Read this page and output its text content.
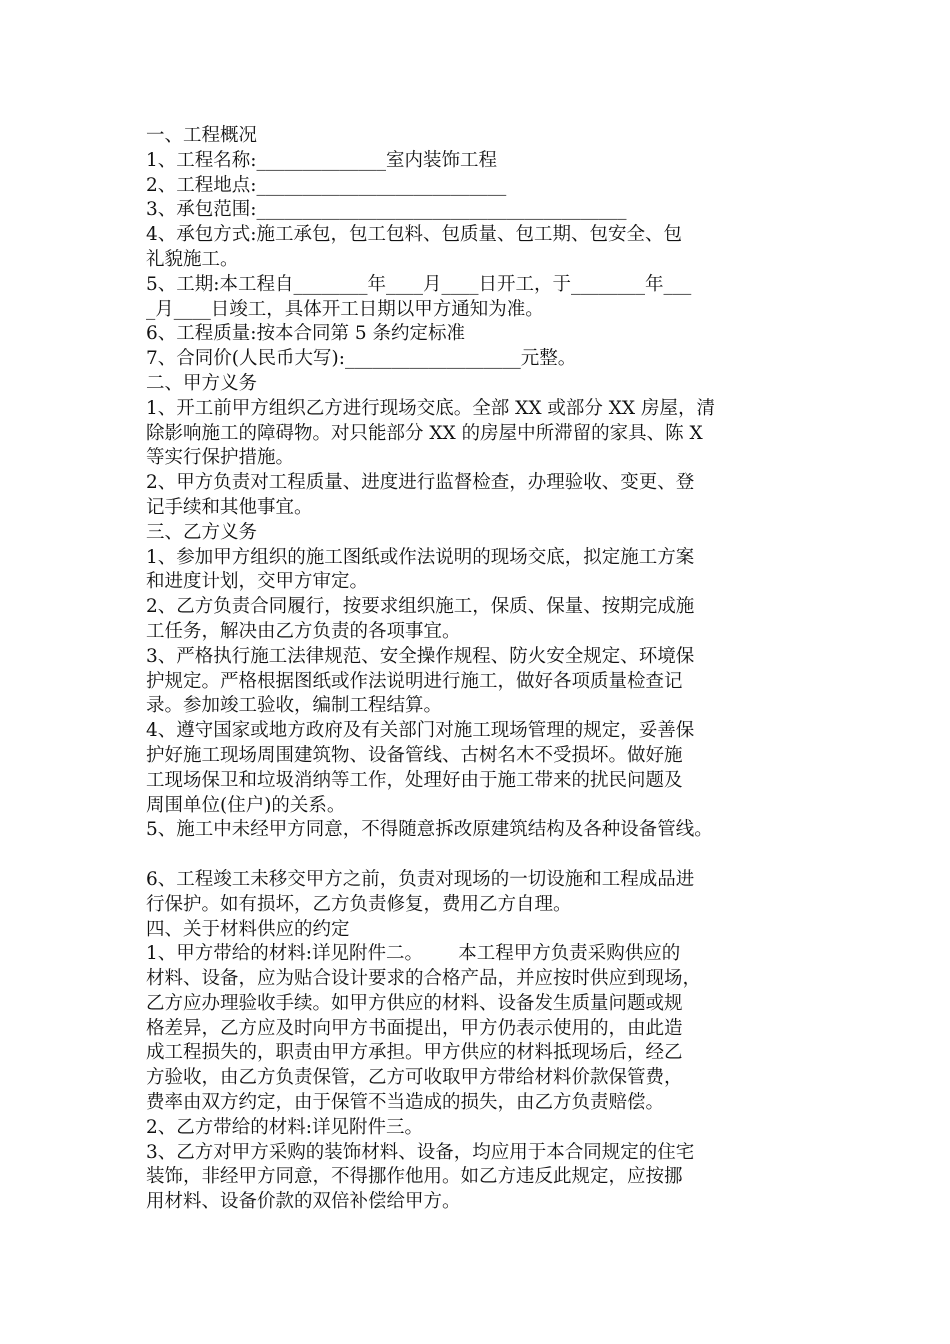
一、工程概况
1、工程名称:______________室内装饰工程
2、工程地点:___________________________
3、承包范围:________________________________________
4、承包方式:施工承包，包工包料、包质量、包工期、包安全、包
礼貌施工。
5、工期:本工程自________年____月____日开工，于________年___
_月____日竣工，具体开工日期以甲方通知为准。
6、工程质量:按本合同第 5 条约定标准
7、合同价(人民币大写):___________________元整。
二、甲方义务
1、开工前甲方组织乙方进行现场交底。全部 XX 或部分 XX 房屋，清
除影响施工的障碍物。对只能部分 XX 的房屋中所滞留的家具、陈 X
等实行保护措施。
2、甲方负责对工程质量、进度进行监督检查，办理验收、变更、登
记手续和其他事宜。
三、乙方义务
1、参加甲方组织的施工图纸或作法说明的现场交底，拟定施工方案
和进度计划，交甲方审定。
2、乙方负责合同履行，按要求组织施工，保质、保量、按期完成施
工任务，解决由乙方负责的各项事宜。
3、严格执行施工法律规范、安全操作规程、防火安全规定、环境保
护规定。严格根据图纸或作法说明进行施工，做好各项质量检查记
录。参加竣工验收，编制工程结算。
4、遵守国家或地方政府及有关部门对施工现场管理的规定，妥善保
护好施工现场周围建筑物、设备管线、古树名木不受损坏。做好施
工现场保卫和垃圾消纳等工作，处理好由于施工带来的扰民问题及
周围单位(住户)的关系。
5、施工中未经甲方同意，不得随意拆改原建筑结构及各种设备管线。
6、工程竣工未移交甲方之前，负责对现场的一切设施和工程成品进
行保护。如有损坏，乙方负责修复，费用乙方自理。
四、关于材料供应的约定
1、甲方带给的材料:详见附件二。      本工程甲方负责采购供应的
材料、设备，应为贴合设计要求的合格产品，并应按时供应到现场，
乙方应办理验收手续。如甲方供应的材料、设备发生质量问题或规
格差异，乙方应及时向甲方书面提出，甲方仍表示使用的，由此造
成工程损失的，职责由甲方承担。甲方供应的材料抵现场后，经乙
方验收，由乙方负责保管，乙方可收取甲方带给材料价款保管费，
费率由双方约定，由于保管不当造成的损失，由乙方负责赔偿。
2、乙方带给的材料:详见附件三。
3、乙方对甲方采购的装饰材料、设备，均应用于本合同规定的住宅
装饰，非经甲方同意，不得挪作他用。如乙方违反此规定，应按挪
用材料、设备价款的双倍补偿给甲方。
